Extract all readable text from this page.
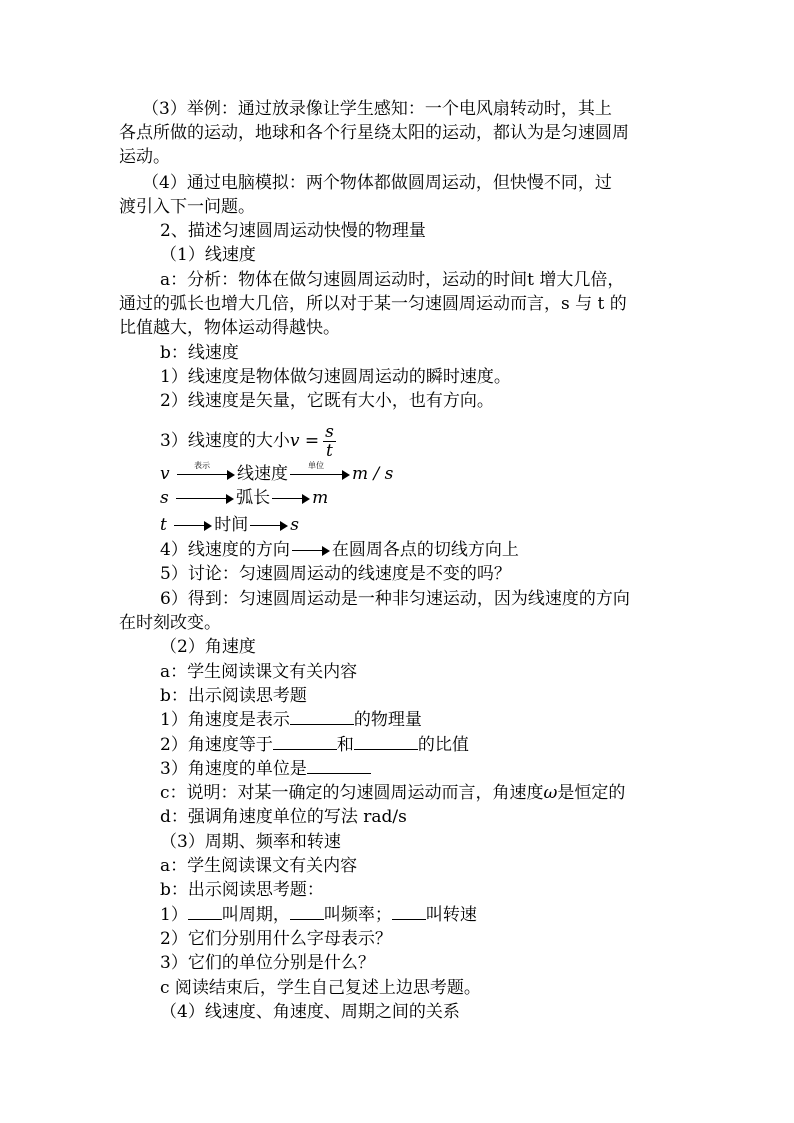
（3）举例：通过放录像让学生感知：一个电风扇转动时，其上
各点所做的运动，地球和各个行星绕太阳的运动，都认为是匀速圆周
运动。
（4）通过电脑模拟：两个物体都做圆周运动，但快慢不同，过
渡引入下一问题。
2、描述匀速圆周运动快慢的物理量
（1）线速度
a：分析：物体在做匀速圆周运动时，运动的时间t 增大几倍，
通过的弧长也增大几倍，所以对于某一匀速圆周运动而言，s 与 t 的
比值越大，物体运动得越快。
b：线速度
1）线速度是物体做匀速圆周运动的瞬时速度。
2）线速度是矢量，它既有大小，也有方向。
3）线速度的大小$v = \frac{s}{t}$
v	表示	线速度	单位	m / s
s	弧长 m
t	时间 s
4）线速度的方向 在圆周各点的切线方向上
5）讨论：匀速圆周运动的线速度是不变的吗？
6）得到：匀速圆周运动是一种非匀速运动，因为线速度的方向
在时刻改变。
（2）角速度
a：学生阅读课文有关内容
b：出示阅读思考题
1）角速度是表示	的物理量
2）角速度等于	和	的比值
3）角速度的单位是
c：说明：对某一确定的匀速圆周运动而言，角速度ω是恒定的
d：强调角速度单位的写法 rad/s
（3）周期、频率和转速
a：学生阅读课文有关内容
b：出示阅读思考题：
1） 叫周期， 叫频率； 叫转速
2）它们分别用什么字母表示？
3）它们的单位分别是什么？
c 阅读结束后，学生自己复述上边思考题。
（4）线速度、角速度、周期之间的关系
